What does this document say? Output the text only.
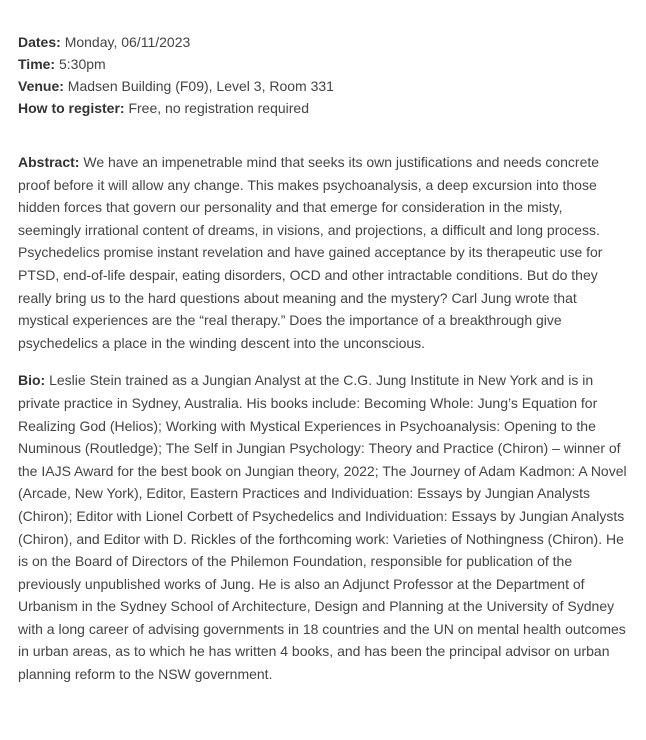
Dates: Monday, 06/11/2023

Time: 5:30pm

Venue: Madsen Building (F09), Level 3, Room 331

How to register: Free, no registration required

Abstract: We have an impenetrable mind that seeks its own justifications and needs concrete proof before it will allow any change. This makes psychoanalysis, a deep excursion into those hidden forces that govern our personality and that emerge for consideration in the misty, seemingly irrational content of dreams, in visions, and projections, a difficult and long process. Psychedelics promise instant revelation and have gained acceptance by its therapeutic use for PTSD, end-of-life despair, eating disorders, OCD and other intractable conditions. But do they really bring us to the hard questions about meaning and the mystery? Carl Jung wrote that mystical experiences are the “real therapy.” Does the importance of a breakthrough give psychedelics a place in the winding descent into the unconscious.

Bio: Leslie Stein trained as a Jungian Analyst at the C.G. Jung Institute in New York and is in private practice in Sydney, Australia. His books include: Becoming Whole: Jung’s Equation for Realizing God (Helios); Working with Mystical Experiences in Psychoanalysis: Opening to the Numinous (Routledge); The Self in Jungian Psychology: Theory and Practice (Chiron) – winner of the IAJS Award for the best book on Jungian theory, 2022; The Journey of Adam Kadmon: A Novel (Arcade, New York), Editor, Eastern Practices and Individuation: Essays by Jungian Analysts (Chiron); Editor with Lionel Corbett of Psychedelics and Individuation: Essays by Jungian Analysts (Chiron), and Editor with D. Rickles of the forthcoming work: Varieties of Nothingness (Chiron). He is on the Board of Directors of the Philemon Foundation, responsible for publication of the previously unpublished works of Jung. He is also an Adjunct Professor at the Department of Urbanism in the Sydney School of Architecture, Design and Planning at the University of Sydney with a long career of advising governments in 18 countries and the UN on mental health outcomes in urban areas, as to which he has written 4 books, and has been the principal advisor on urban planning reform to the NSW government.
